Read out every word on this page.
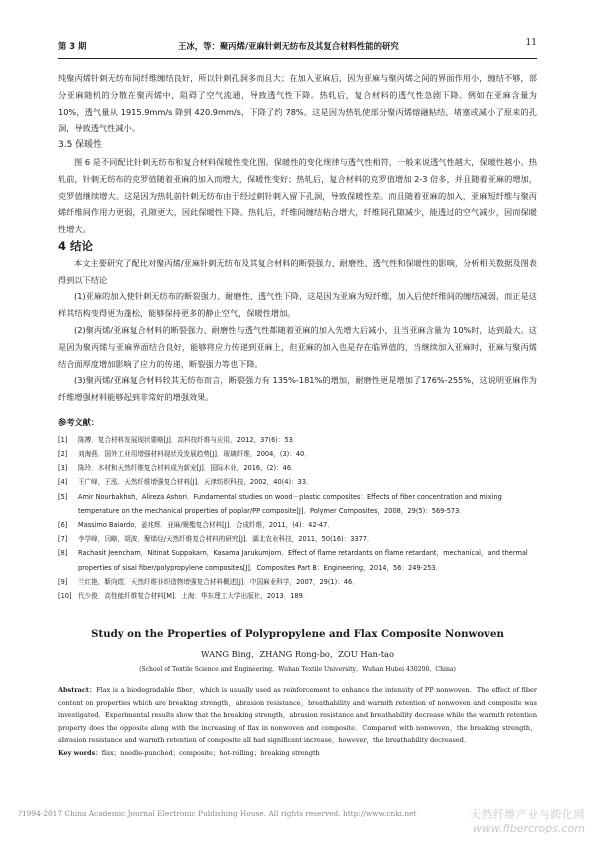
第 3 期	王冰，等：聚丙烯/亚麻针刺无纺布及其复合材料性能的研究	11

纯聚丙烯针刺无纺布间纤维缠结良好，所以针刺孔洞多而且大；在加入亚麻后，因为亚麻与聚丙烯之间的界面作用小，缠结不够，部分亚麻随机的分散在聚丙烯中，阻碍了空气流通，导致透气性下降。热轧后，复合材料的透气性急剧下降。例如在亚麻含量为 10%，透气量从 1915.9mm/s 降到 420.9mm/s，下降了约 78%。这是因为热轧使部分聚丙烯熔融粘结，堵塞或减小了原来的孔洞，导致透气性减小。

3.5 保暖性

图 6 是不同配比针刺无纺布和复合材料保暖性变化图。保暖性的变化规律与透气性相符，一般来说透气性越大，保暖性越小。热轧前，针刺无纺布的克罗值随着亚麻的加入而增大，保暖性变好；热轧后，复合材料的克罗值增加 2-3 倍多，并且随着亚麻的增加，克罗值继续增大。这是因为热轧前针刺无纺布由于经过刺针刺入留下孔洞，导致保暖性差。而且随着亚麻的加入，亚麻短纤维与聚丙烯纤维间作用力更弱，孔隙更大，因此保暖性下降。热轧后，纤维间缠结粘合增大，纤维间孔隙减少，能透过的空气减少，因而保暖性增大。

4 结论

本文主要研究了配比对聚丙烯/亚麻针刺无纺布及其复合材料的断裂强力、耐磨性、透气性和保暖性的影响，分析相关数据及图表得到以下结论

(1)亚麻的加入使针刺无纺布的断裂强力、耐磨性、透气性下降，这是因为亚麻为短纤维，加入后使纤维间的缠结减弱，而正是这样其结构变得更为蓬松，能够保持更多的静止空气，保暖性增加。

(2)聚丙烯/亚麻复合材料的断裂强力、耐磨性与透气性都随着亚麻的加入先增大后减小，且当亚麻含量为 10%时，达到最大。这是因为聚丙烯与亚麻界面结合良好，能够将应力传递到亚麻上，但亚麻的加入也是存在临界值的，当继续加入亚麻时，亚麻与聚丙烯结合面厚度增加影响了应力的传递，断裂强力等也下降。

(3)聚丙烯/亚麻复合材料较其无纺布而言，断裂强力有 135%-181%的增加，耐磨性更是增加了176%-255%，这说明亚麻作为纤维增强材料能够起到非常好的增强效果。

参考文献：
[1] 陈搏．复合材料发展现状要略[J]．高科技纤维与应用，2012，37(6)：53．
[2] 刘海燕．国外工业用增强材料现状及发展趋势[J]．玻璃纤维，2004，(3)：40．
[3] 陈玲．木材和天然纤维复合材料成为新宠[J]．国际木业，2016，(2)：46．
[4] 王广峰，王泓．天然纤维增强复合材料[J]．天津纺织科技，2002，40(4)：33．
[5] Amir Nourbakhsh，Alireza Ashori．Fundamental studies on wood－plastic composites：Effects of fiber concentration and mixing temperature on the mechanical properties of poplar/PP composite[J]．Polymer Composites，2008，29(5)：569-573．
[6] Massimo Baiardo，姜兆辉．亚麻/聚酯复合材料[J]．合成纤维，2011，(4)：42-47．
[7] 李学峰，闫略，胡波．聚烯烃/天然纤维复合材料的研究[J]．湖北农业科技，2011，50(16)：3377．
[8] Rachasit Jeencham，Nitinat Suppakarn，Kasama Jarukumjorn．Effect of flame retardants on flame retardant，mechanical，and thermal properties of sisal fiber/polypropylene composites[J]．Composites Part B：Engineering，2014，56：249-253．
[9] 兰红艳，靳向煜．天然纤维非织造物增强复合材料概述[J]．中国麻业科学，2007，29(1)：46．
[10] 代少俊．高性能纤维复合材料[M]．上海：华东理工大学出版社，2013．189．
Study on the Properties of Polypropylene and Flax Composite Nonwoven
WANG Bing，ZHANG Rong-bo，ZOU Han-tao
(School of Textile Science and Engineering，Wuhan Textile University，Wuhan Hubei 430200，China)
Abstract：Flax is a biodegradable fiber，which is usually used as reinforcement to enhance the intensity of PP nonwoven．The effect of fiber content on properties which are breaking strength，abrasion resistance，breathability and warmth retention of nonwoven and composite was investigated．Experimental results show that the breaking strength，abrasion resistance and breathability decrease while the warmth retention property does the opposite along with the increasing of flax in nonwoven and composite．Compared with nonwoven，the breaking strength，abrasion resistance and warmth retention of composite all had significant increase，however，the breathability decreased．
Key words：flax；needle-punched；composite；hot-rolling；breaking strength
?1994-2017 China Academic Journal Electronic Publishing House. All rights reserved. http://www.cnki.net	天然纤维产业与跨化网
www.fibercrops.com
